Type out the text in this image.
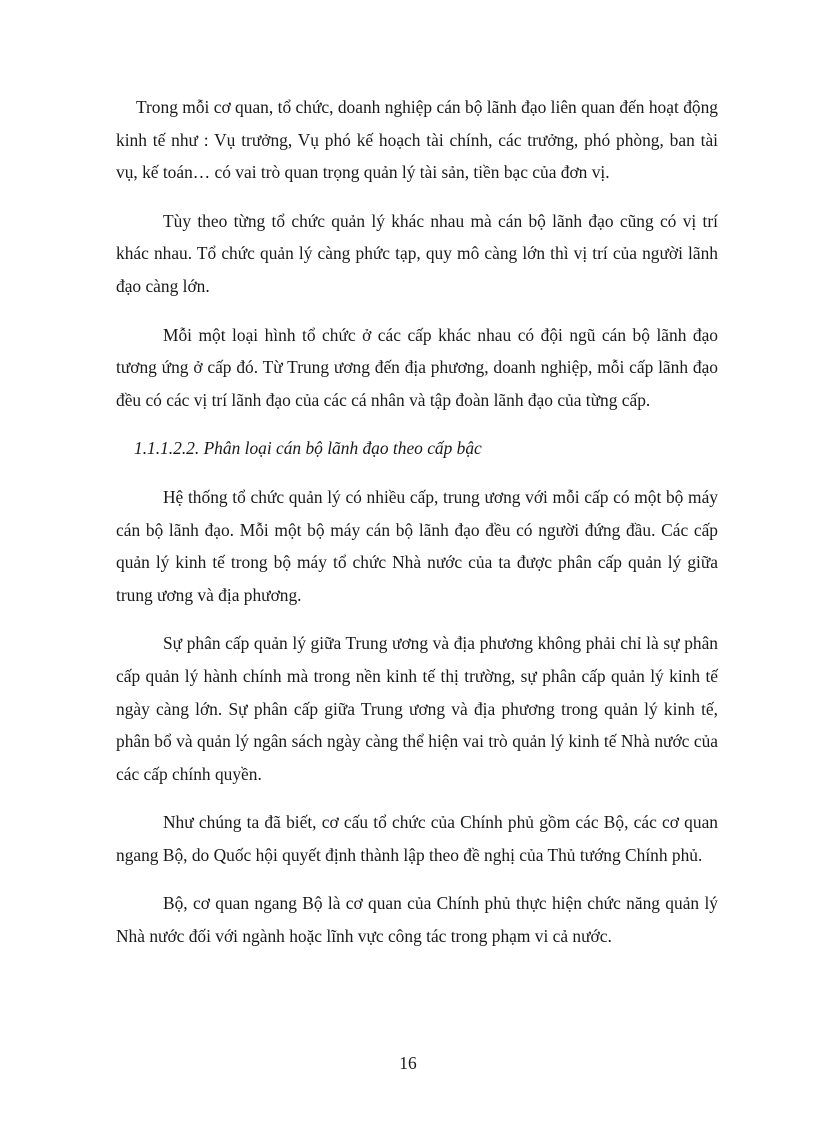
Trong mỗi cơ quan, tổ chức, doanh nghiệp cán bộ lãnh đạo liên quan đến hoạt động kinh tế như : Vụ trưởng, Vụ phó kế hoạch tài chính, các trưởng, phó phòng, ban tài vụ, kế toán… có vai trò quan trọng quản lý tài sản, tiền bạc của đơn vị.

Tùy theo từng tổ chức quản lý khác nhau mà cán bộ lãnh đạo cũng có vị trí khác nhau. Tổ chức quản lý càng phức tạp, quy mô càng lớn thì vị trí của người lãnh đạo càng lớn.

Mỗi một loại hình tổ chức ở các cấp khác nhau có đội ngũ cán bộ lãnh đạo tương ứng ở cấp đó. Từ Trung ương đến địa phương, doanh nghiệp, mỗi cấp lãnh đạo đều có các vị trí lãnh đạo của các cá nhân và tập đoàn lãnh đạo của từng cấp.

1.1.1.2.2. Phân loại cán bộ lãnh đạo theo cấp bậc

Hệ thống tổ chức quản lý có nhiều cấp, trung ương với mỗi cấp có một bộ máy cán bộ lãnh đạo. Mỗi một bộ máy cán bộ lãnh đạo đều có người đứng đầu. Các cấp quản lý kinh tế trong bộ máy tổ chức Nhà nước của ta được phân cấp quản lý giữa trung ương và địa phương.

Sự phân cấp quản lý giữa Trung ương và địa phương không phải chỉ là sự phân cấp quản lý hành chính mà trong nền kinh tế thị trường, sự phân cấp quản lý kinh tế ngày càng lớn. Sự phân cấp giữa Trung ương và địa phương trong quản lý kinh tế, phân bổ và quản lý ngân sách ngày càng thể hiện vai trò quản lý kinh tế Nhà nước của các cấp chính quyền.

Như chúng ta đã biết, cơ cấu tổ chức của Chính phủ gồm các Bộ, các cơ quan ngang Bộ, do Quốc hội quyết định thành lập theo đề nghị của Thủ tướng Chính phủ.

Bộ, cơ quan ngang Bộ là cơ quan của Chính phủ thực hiện chức năng quản lý Nhà nước đối với ngành hoặc lĩnh vực công tác trong phạm vi cả nước.

16
